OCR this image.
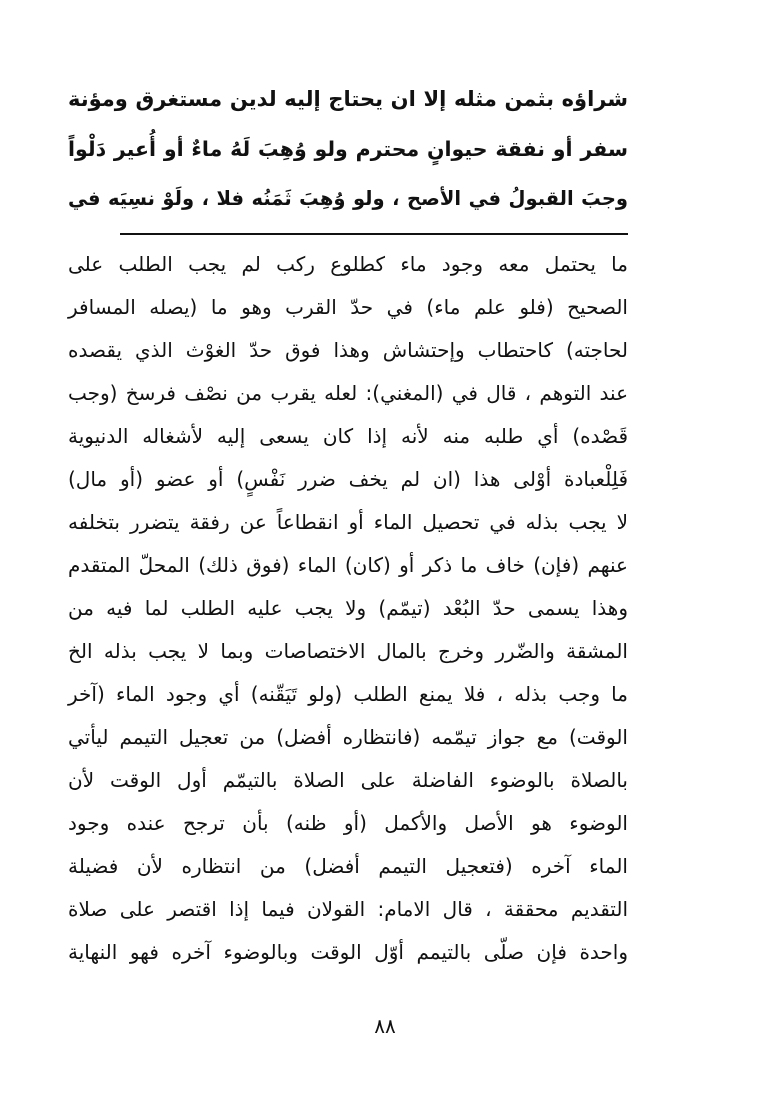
شراؤه بثمن مثله إلا ان يحتاج إليه لدين مستغرق ومؤنة
سفر أو نفقة حيوانٍ محترم ولو وُهِبَ لَهُ ماءٌ أو أُعير دَلْواً
وجبَ القبولُ في الأصح ، ولو وُهِبَ ثَمَنُه فلا ، ولَوْ نسِيَه في
ما يحتمل معه وجود ماء كطلوع ركب لم يجب الطلب على
الصحيح (فلو علم ماء) في حدّ القرب وهو ما (يصله المسافر
لحاجته) كاحتطاب وإحتشاش وهذا فوق حدّ الغوْث الذي يقصده
عند التوهم ، قال في (المغني): لعله يقرب من نصْف فرسخ (وجب
قَصْده) أي طلبه منه لأنه إذا كان يسعى إليه لأشغاله الدنيوية
فَلِلْعبادة أوْلى هذا (ان لم يخف ضرر نَفْسٍ) أو عضو (أو مال)
لا يجب بذله في تحصيل الماء أو انقطاعاً عن رفقة يتضرر بتخلفه
عنهم (فإن) خاف ما ذكر أو (كان) الماء (فوق ذلك) المحلّ المتقدم
وهذا يسمى حدّ البُعْد (تيمّم) ولا يجب عليه الطلب لما فيه من
المشقة والضّرر وخرج بالمال الاختصاصات وبما لا يجب بذله الخ
ما وجب بذله ، فلا يمنع الطلب (ولو تَيَقّنه) أي وجود الماء (آخر
الوقت) مع جواز تيمّمه (فانتظاره أفضل) من تعجيل التيمم ليأتي
بالصلاة بالوضوء الفاضلة على الصلاة بالتيمّم أول الوقت لأن
الوضوء هو الأصل والأكمل (أو ظنه) بأن ترجح عنده وجود
الماء آخره (فتعجيل التيمم أفضل) من انتظاره لأن فضيلة
التقديم محققة ، قال الامام: القولان فيما إذا اقتصر على صلاة
واحدة فإن صلّى بالتيمم أوّل الوقت وبالوضوء آخره فهو النهاية
٨٨
